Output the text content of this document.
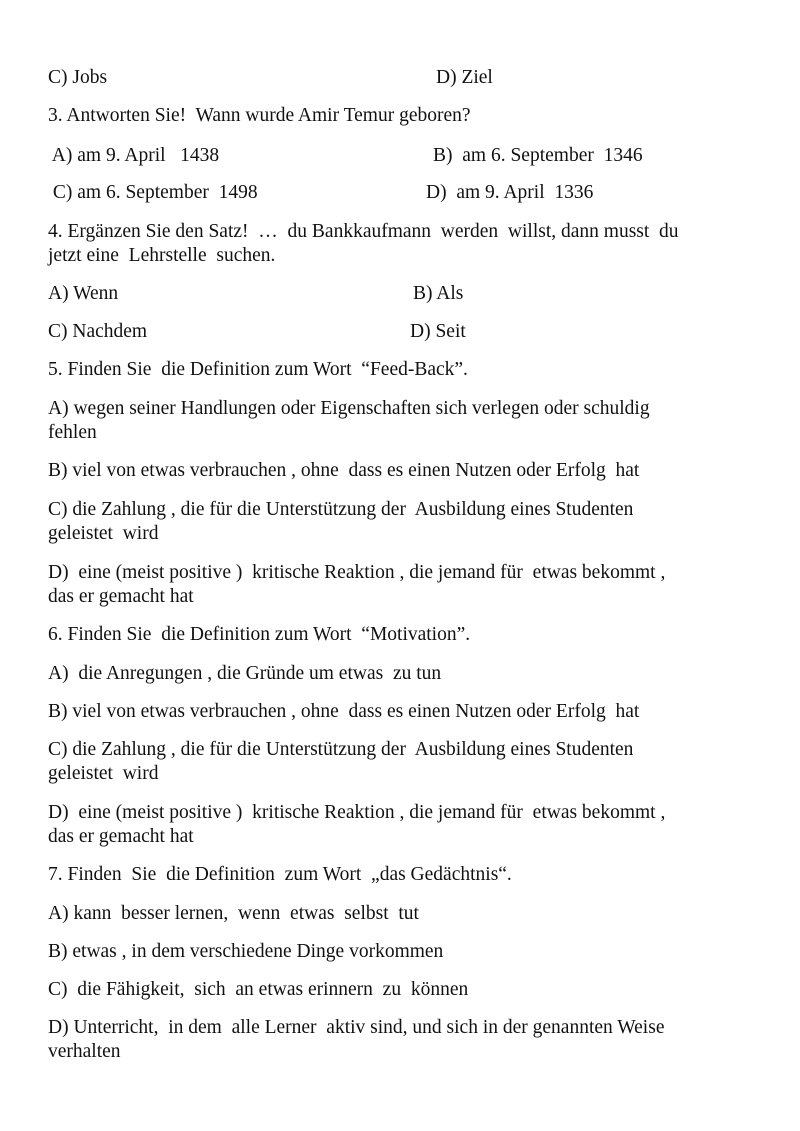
C) Jobs	D) Ziel
3. Antworten Sie!  Wann wurde Amir Temur geboren?
A) am 9. April   1438	B)  am 6. September  1346
C) am 6. September  1498	D)  am 9. April  1336
4. Ergänzen Sie den Satz!  …  du Bankkaufmann  werden  willst, dann musst  du
jetzt eine  Lehrstelle  suchen.
A) Wenn	B) Als
C) Nachdem	D) Seit
5. Finden Sie  die Definition zum Wort  “Feed-Back”.
A) wegen seiner Handlungen oder Eigenschaften sich verlegen oder schuldig
fehlen
B) viel von etwas verbrauchen , ohne  dass es einen Nutzen oder Erfolg  hat
C) die Zahlung , die für die Unterstützung der  Ausbildung eines Studenten
geleistet  wird
D)  eine (meist positive )  kritische Reaktion , die jemand für  etwas bekommt ,
das er gemacht hat
6. Finden Sie  die Definition zum Wort  “Motivation”.
A)  die Anregungen , die Gründe um etwas  zu tun
B) viel von etwas verbrauchen , ohne  dass es einen Nutzen oder Erfolg  hat
C) die Zahlung , die für die Unterstützung der  Ausbildung eines Studenten
geleistet  wird
D)  eine (meist positive )  kritische Reaktion , die jemand für  etwas bekommt ,
das er gemacht hat
7. Finden  Sie  die Definition  zum Wort  „das Gedächtnis“.
A) kann  besser lernen,  wenn  etwas  selbst  tut
B) etwas , in dem verschiedene Dinge vorkommen
C)  die Fähigkeit,  sich  an etwas erinnern  zu  können
D) Unterricht,  in dem  alle Lerner  aktiv sind, und sich in der genannten Weise
verhalten
